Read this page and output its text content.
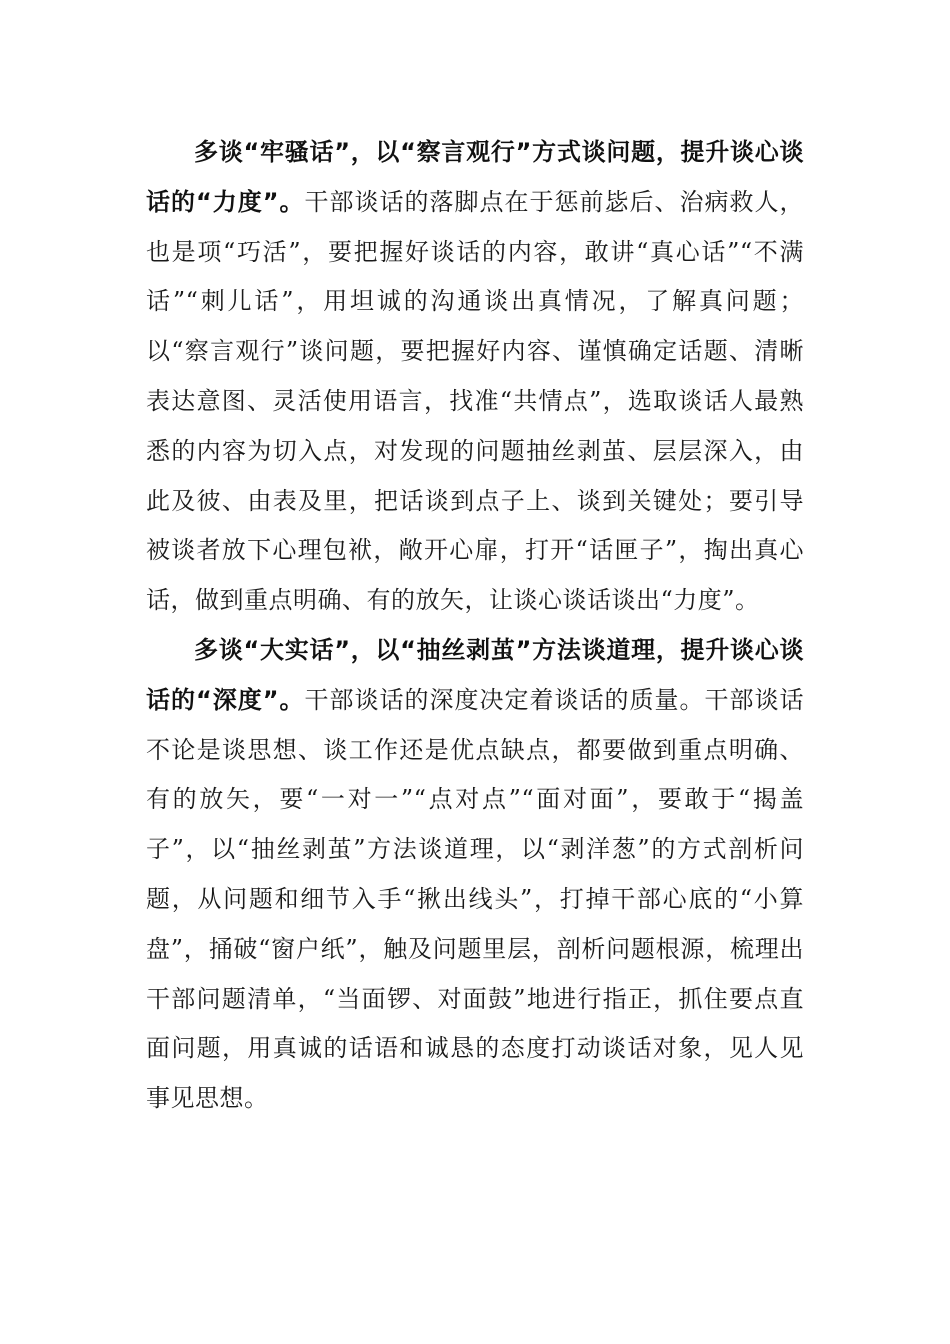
多谈“牢骚话”，以“察言观行”方式谈问题，提升谈心谈话的“力度”。干部谈话的落脚点在于惩前毖后、治病救人，也是项“巧活”，要把握好谈话的内容，敢讲“真心话”“不满话”“刺儿话”，用坦诚的沟通谈出真情况，了解真问题；以“察言观行”谈问题，要把握好内容、谨慎确定话题、清晰表达意图、灵活使用语言，找准“共情点”，选取谈话人最熟悉的内容为切入点，对发现的问题抽丝剥茧、层层深入，由此及彼、由表及里，把话谈到点子上、谈到关键处；要引导被谈者放下心理包袱，敞开心扉，打开“话匣子”，掏出真心话，做到重点明确、有的放矢，让谈心谈话谈出“力度”。

多谈“大实话”，以“抽丝剥茧”方法谈道理，提升谈心谈话的“深度”。干部谈话的深度决定着谈话的质量。干部谈话不论是谈思想、谈工作还是优点缺点，都要做到重点明确、有的放矢，要“一对一”“点对点”“面对面”，要敢于“揭盖子”，以“抽丝剥茧”方法谈道理，以“剥洋葱”的方式剖析问题，从问题和细节入手“揪出线头”，打掉干部心底的“小算盘”，捅破“窗户纸”，触及问题里层，剖析问题根源，梳理出干部问题清单，“当面锣、对面鼓”地进行指正，抓住要点直面问题，用真诚的话语和诚恳的态度打动谈话对象，见人见事见思想。
